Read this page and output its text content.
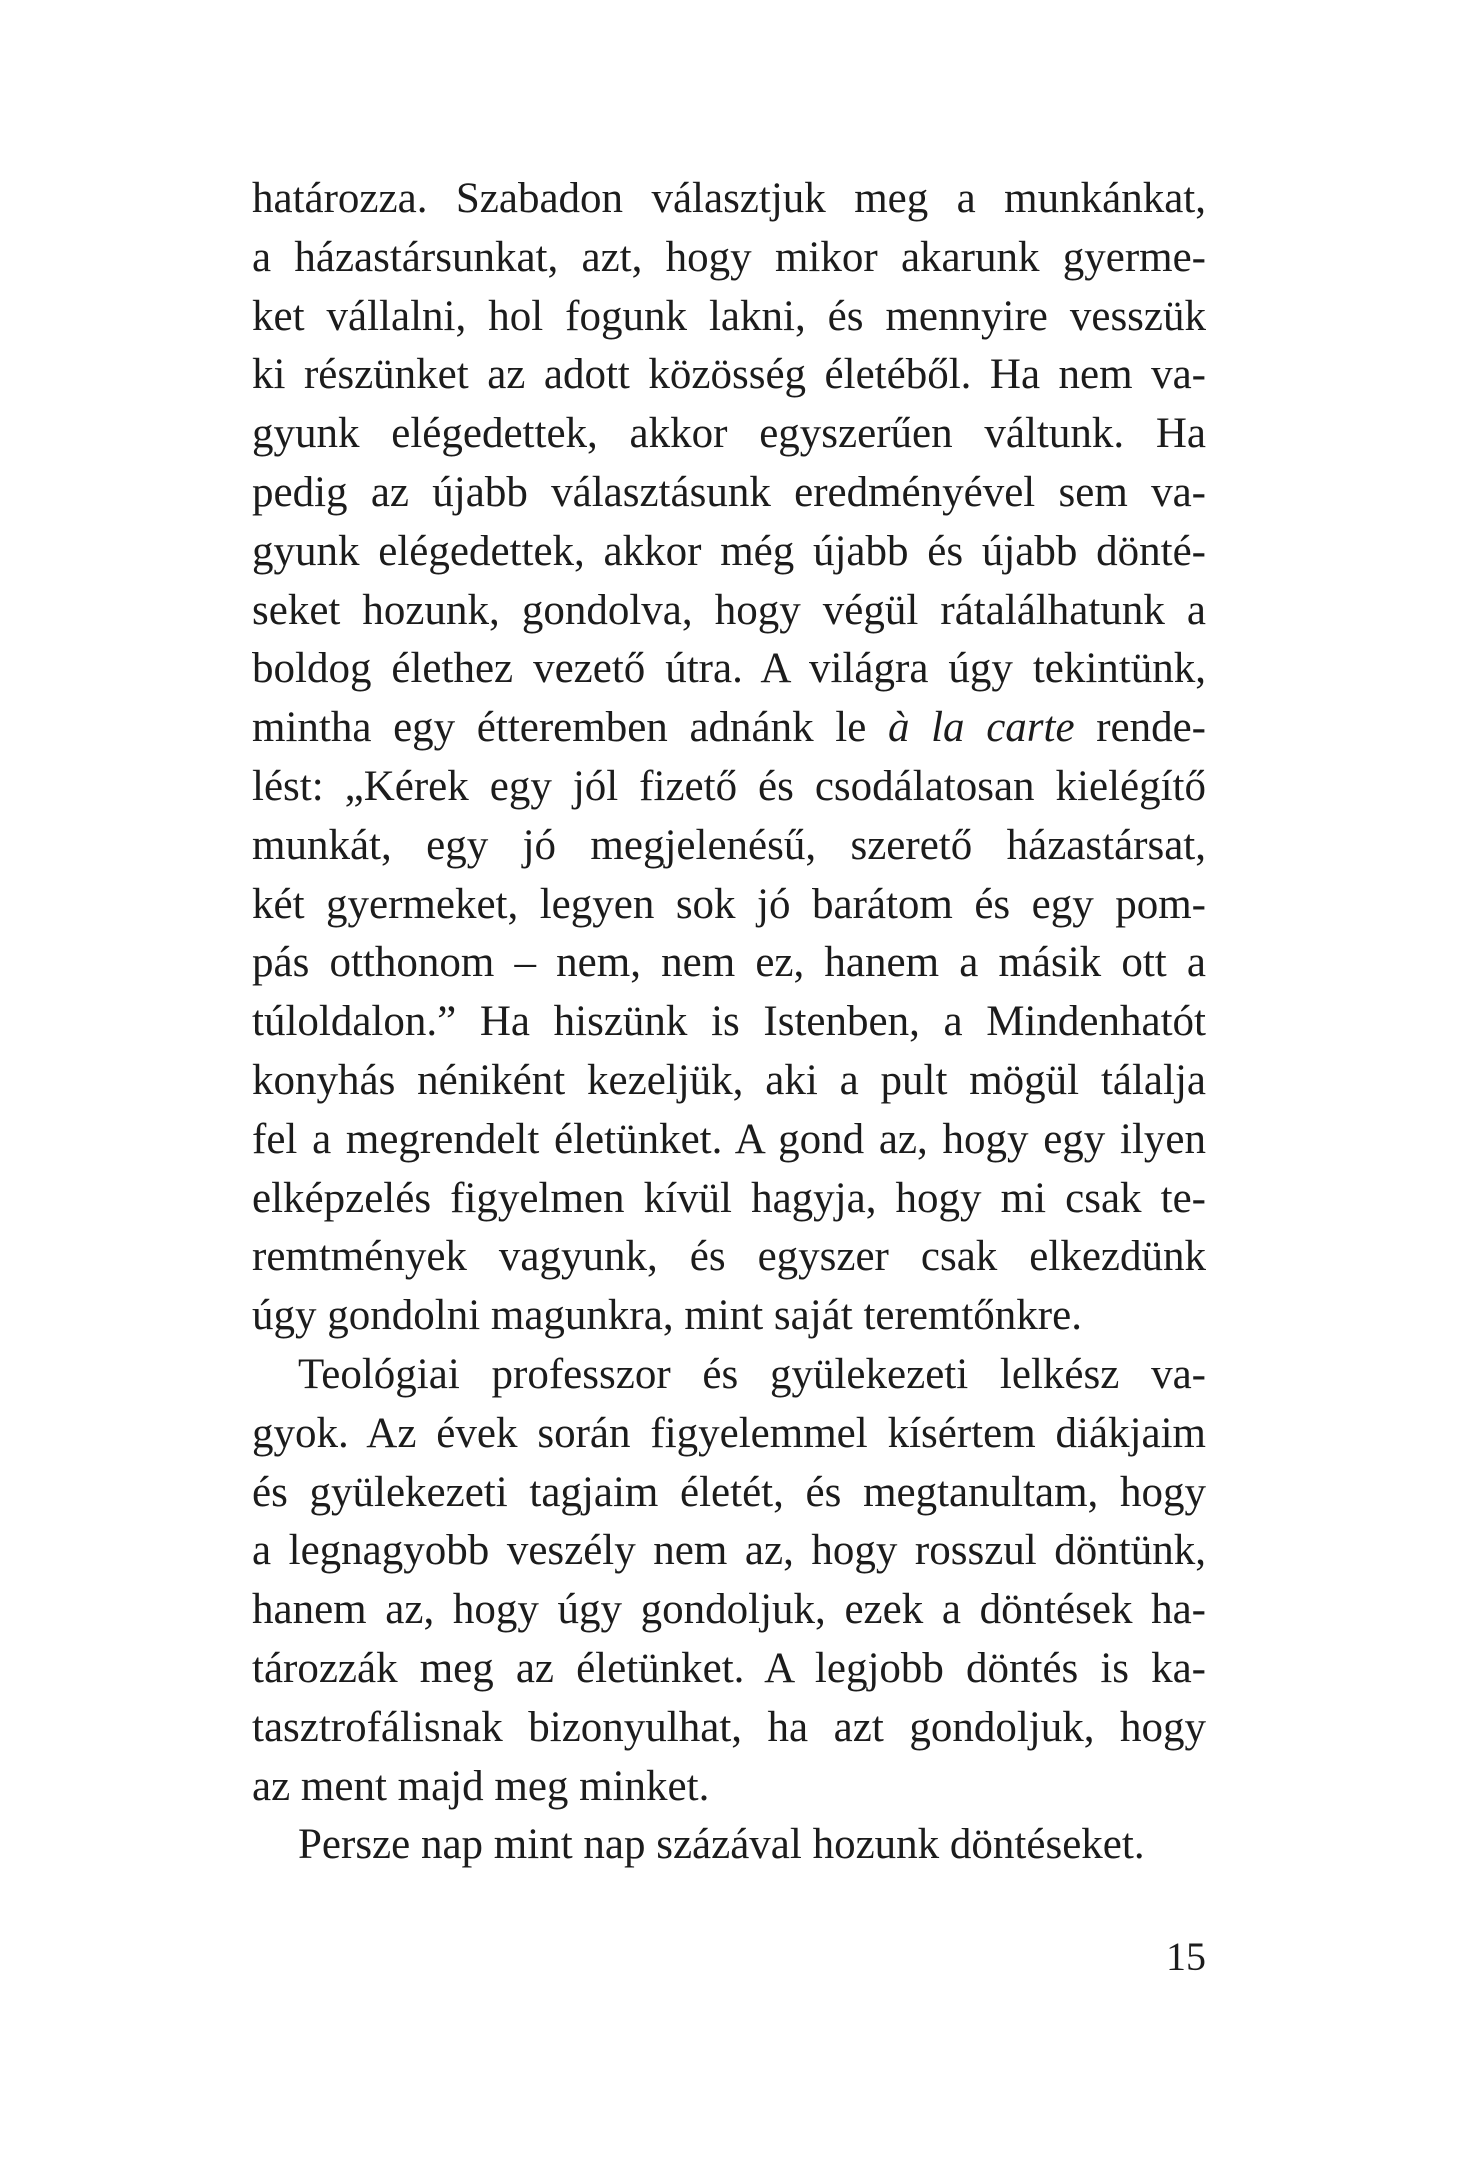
határozza. Szabadon választjuk meg a munkánkat,
a házastársunkat, azt, hogy mikor akarunk gyerme-
ket vállalni, hol fogunk lakni, és mennyire vesszük
ki részünket az adott közösség életéből. Ha nem va-
gyunk elégedettek, akkor egyszerűen váltunk. Ha
pedig az újabb választásunk eredményével sem va-
gyunk elégedettek, akkor még újabb és újabb dönté-
seket hozunk, gondolva, hogy végül rátalálhatunk a
boldog élethez vezető útra. A világra úgy tekintünk,
mintha egy étteremben adnánk le à la carte rende-
lést: „Kérek egy jól fizető és csodálatosan kielégítő
munkát, egy jó megjelenésű, szerető házastársat,
két gyermeket, legyen sok jó barátom és egy pom-
pás otthonom – nem, nem ez, hanem a másik ott a
túloldalon.” Ha hiszünk is Istenben, a Mindenhatót
konyhás néniként kezeljük, aki a pult mögül tálalja
fel a megrendelt életünket. A gond az, hogy egy ilyen
elképzelés figyelmen kívül hagyja, hogy mi csak te-
remtmények vagyunk, és egyszer csak elkezdünk
úgy gondolni magunkra, mint saját teremtőnkre.
Teológiai professzor és gyülekezeti lelkész va-
gyok. Az évek során figyelemmel kísértem diákjaim
és gyülekezeti tagjaim életét, és megtanultam, hogy
a legnagyobb veszély nem az, hogy rosszul döntünk,
hanem az, hogy úgy gondoljuk, ezek a döntések ha-
tározzák meg az életünket. A legjobb döntés is ka-
tasztrofálisnak bizonyulhat, ha azt gondoljuk, hogy
az ment majd meg minket.
Persze nap mint nap százával hozunk döntéseket.
15
